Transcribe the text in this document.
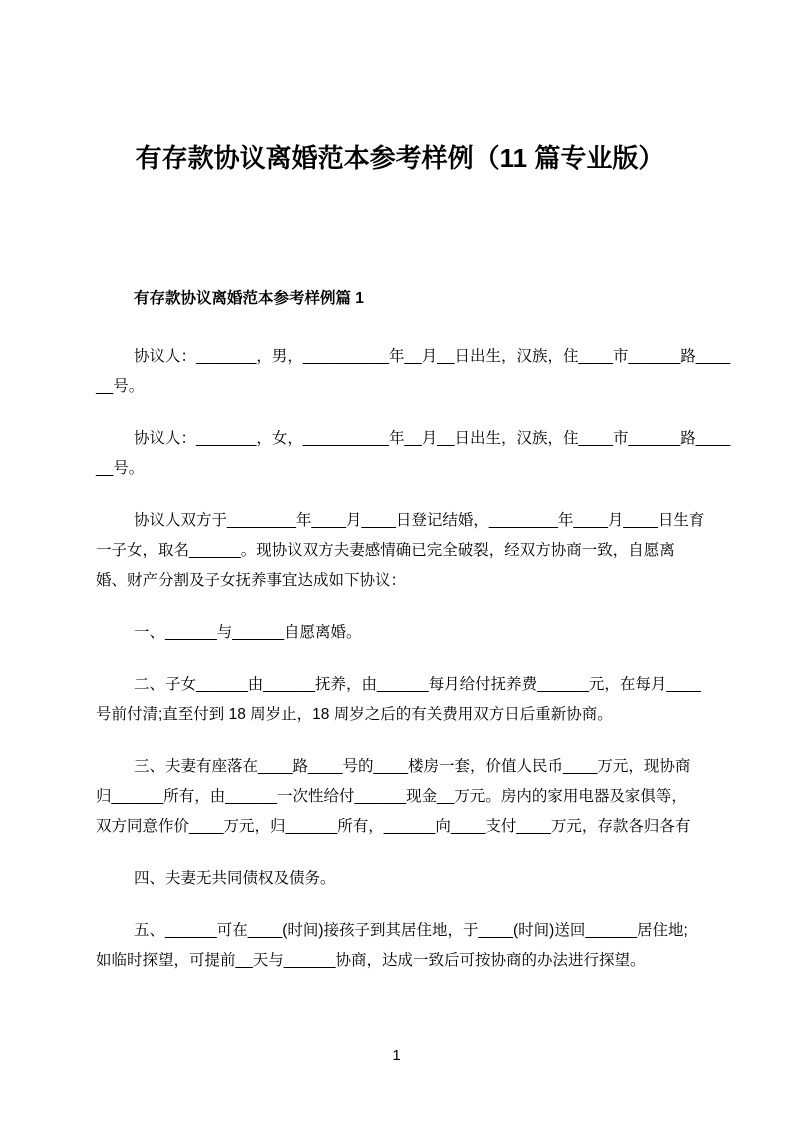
有存款协议离婚范本参考样例（11 篇专业版）
有存款协议离婚范本参考样例篇 1
协议人：_______，男，__________年__月__日出生，汉族，住____市______路____
__号。
协议人：_______，女，__________年__月__日出生，汉族，住____市______路____
__号。
协议人双方于________年____月____日登记结婚，________年____月____日生育
一子女，取名______。现协议双方夫妻感情确已完全破裂，经双方协商一致，自愿离
婚、财产分割及子女抚养事宜达成如下协议：
一、______与______自愿离婚。
二、子女______由______抚养，由______每月给付抚养费______元，在每月____
号前付清;直至付到 18 周岁止，18 周岁之后的有关费用双方日后重新协商。
三、夫妻有座落在____路____号的____楼房一套，价值人民币____万元，现协商
归______所有，由______一次性给付______现金__万元。房内的家用电器及家俱等，
双方同意作价____万元，归______所有，______向____支付____万元，存款各归各有
四、夫妻无共同债权及债务。
五、______可在____(时间)接孩子到其居住地，于____(时间)送回______居住地;
如临时探望，可提前__天与______协商，达成一致后可按协商的办法进行探望。
1
